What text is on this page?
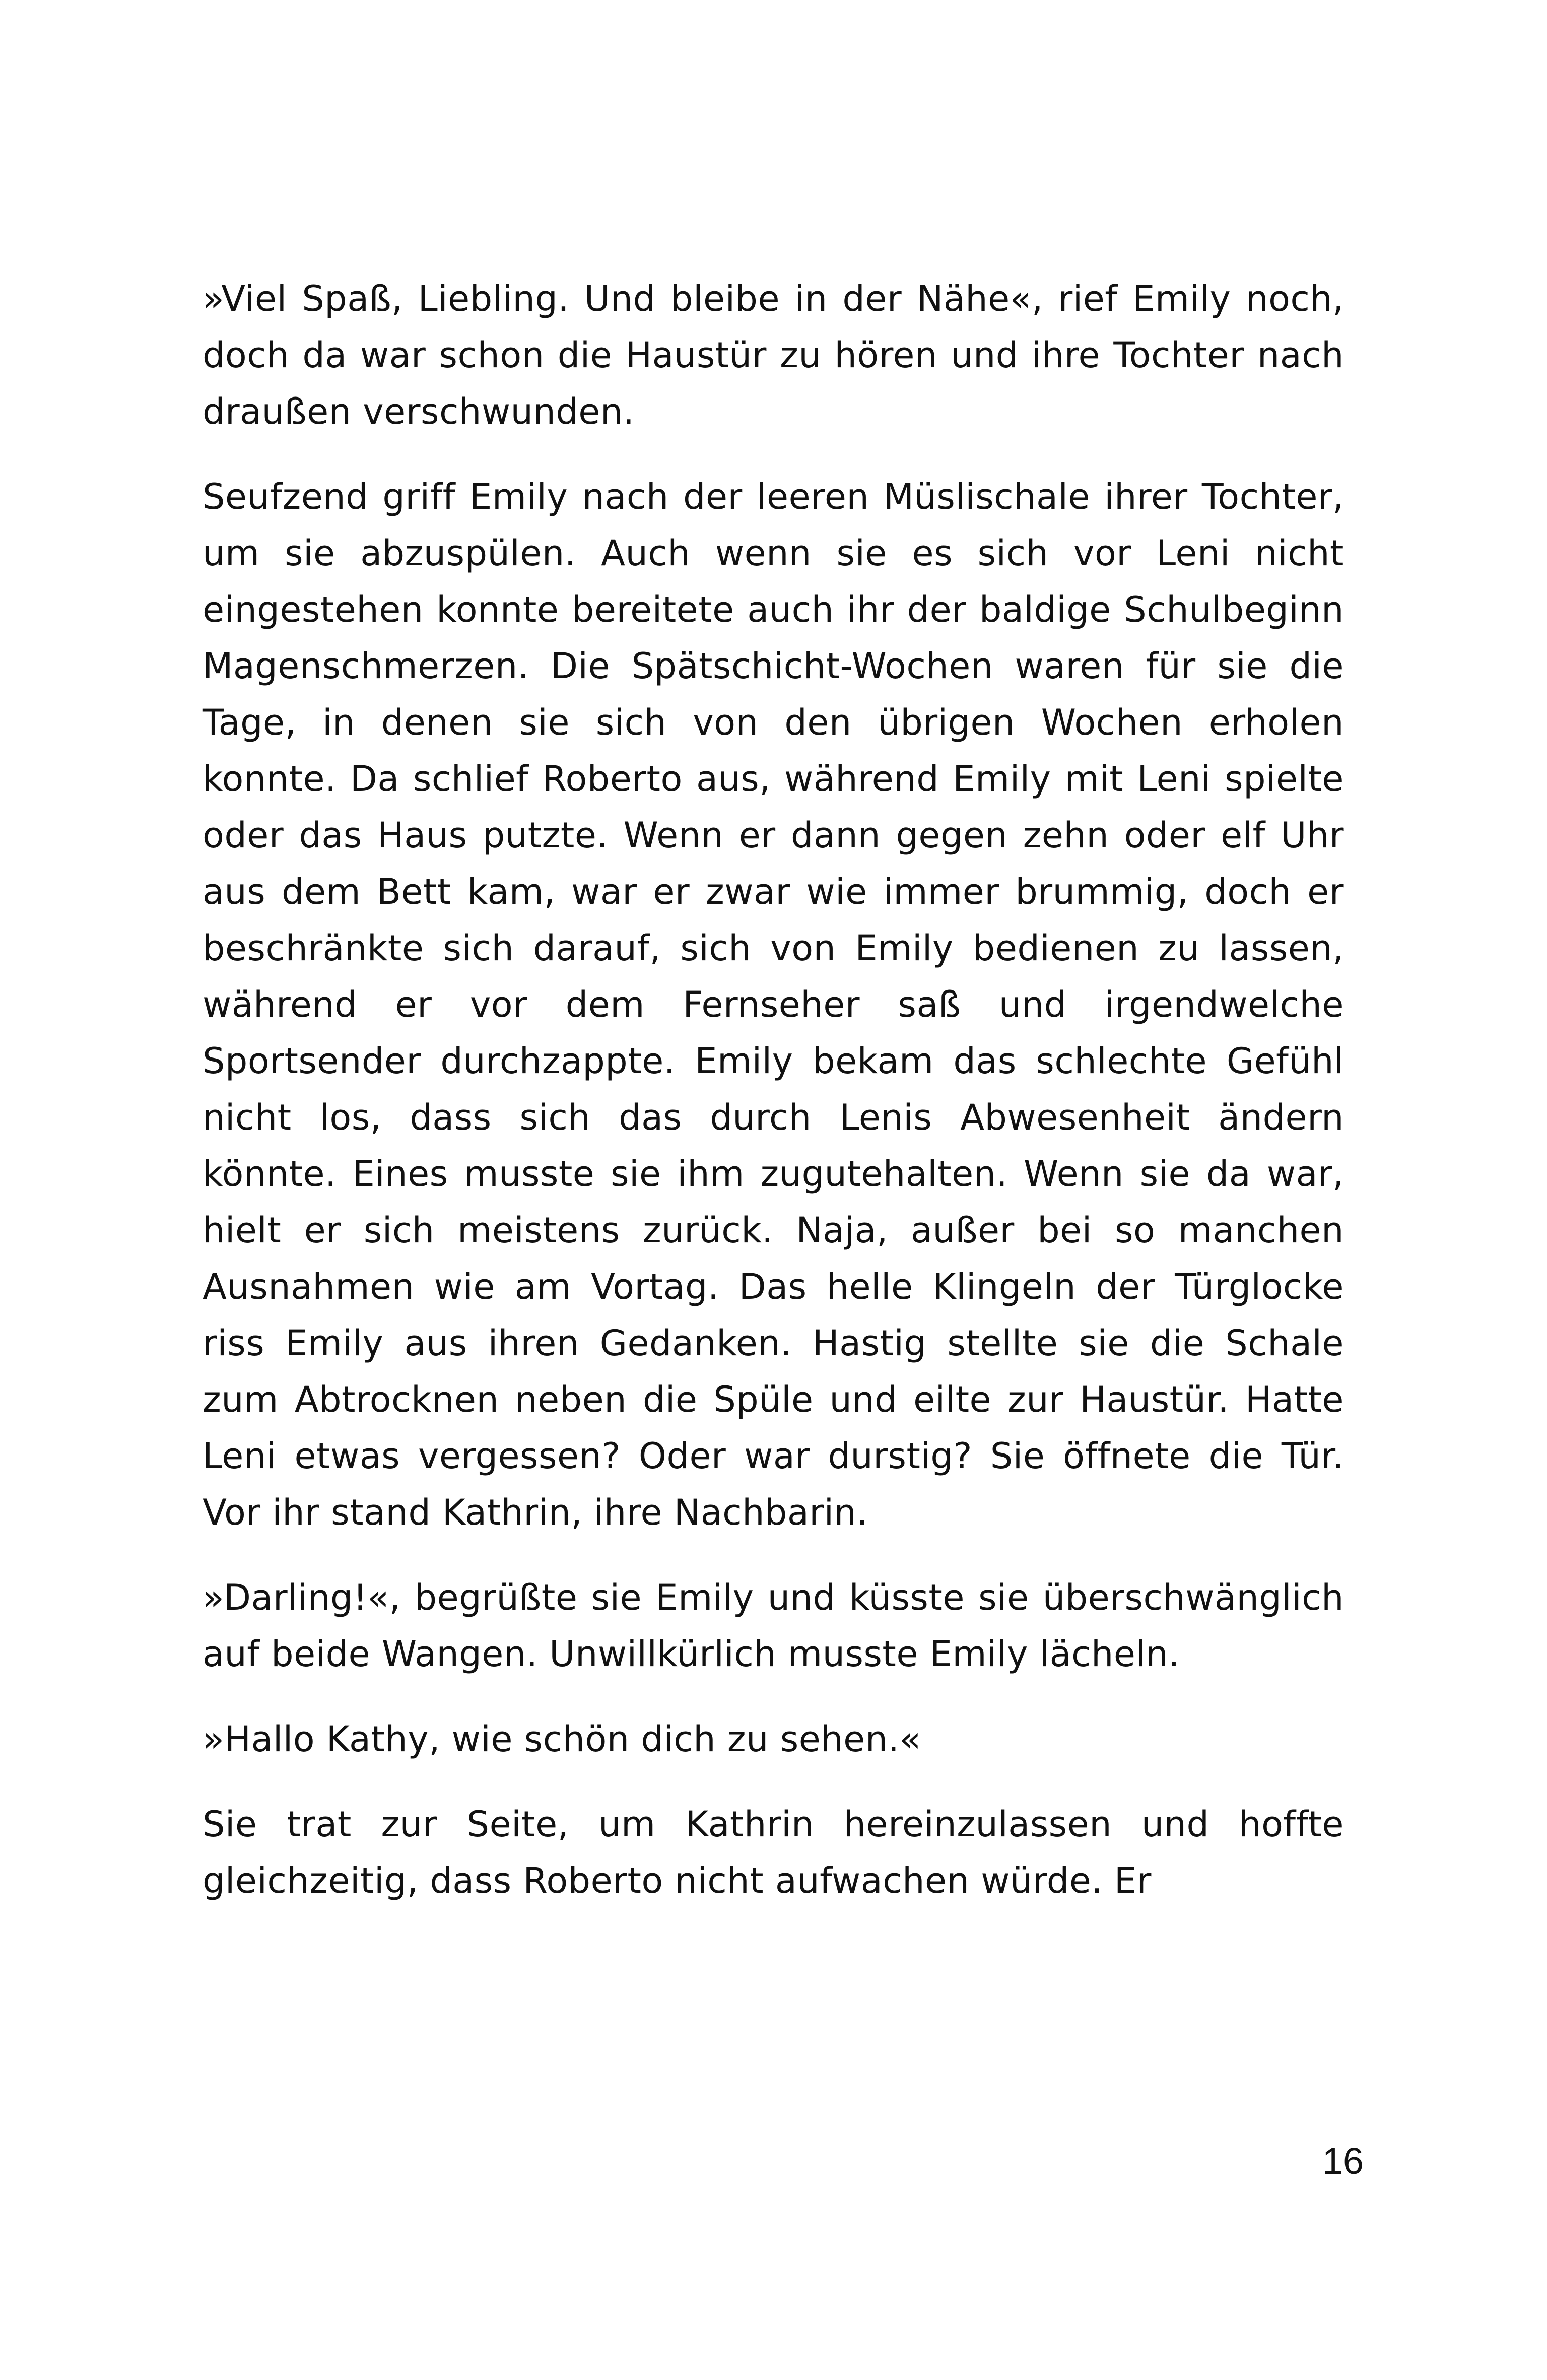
»Viel Spaß, Liebling. Und bleibe in der Nähe«, rief Emily noch, doch da war schon die Haustür zu hören und ihre Tochter nach draußen verschwunden.

Seufzend griff Emily nach der leeren Müslischale ihrer Tochter, um sie abzuspülen. Auch wenn sie es sich vor Leni nicht eingestehen konnte bereitete auch ihr der baldige Schulbeginn Magenschmerzen. Die Spätschicht-Wochen waren für sie die Tage, in denen sie sich von den übrigen Wochen erholen konnte. Da schlief Roberto aus, während Emily mit Leni spielte oder das Haus putzte. Wenn er dann gegen zehn oder elf Uhr aus dem Bett kam, war er zwar wie immer brummig, doch er beschränkte sich darauf, sich von Emily bedienen zu lassen, während er vor dem Fernseher saß und irgendwelche Sportsender durchzappte. Emily bekam das schlechte Gefühl nicht los, dass sich das durch Lenis Abwesenheit ändern könnte. Eines musste sie ihm zugutehalten. Wenn sie da war, hielt er sich meistens zurück. Naja, außer bei so manchen Ausnahmen wie am Vortag. Das helle Klingeln der Türglocke riss Emily aus ihren Gedanken. Hastig stellte sie die Schale zum Abtrocknen neben die Spüle und eilte zur Haustür. Hatte Leni etwas vergessen? Oder war durstig? Sie öffnete die Tür. Vor ihr stand Kathrin, ihre Nachbarin.

»Darling!«, begrüßte sie Emily und küsste sie überschwänglich auf beide Wangen. Unwillkürlich musste Emily lächeln.

»Hallo Kathy, wie schön dich zu sehen.«

Sie trat zur Seite, um Kathrin hereinzulassen und hoffte gleichzeitig, dass Roberto nicht aufwachen würde. Er

16
